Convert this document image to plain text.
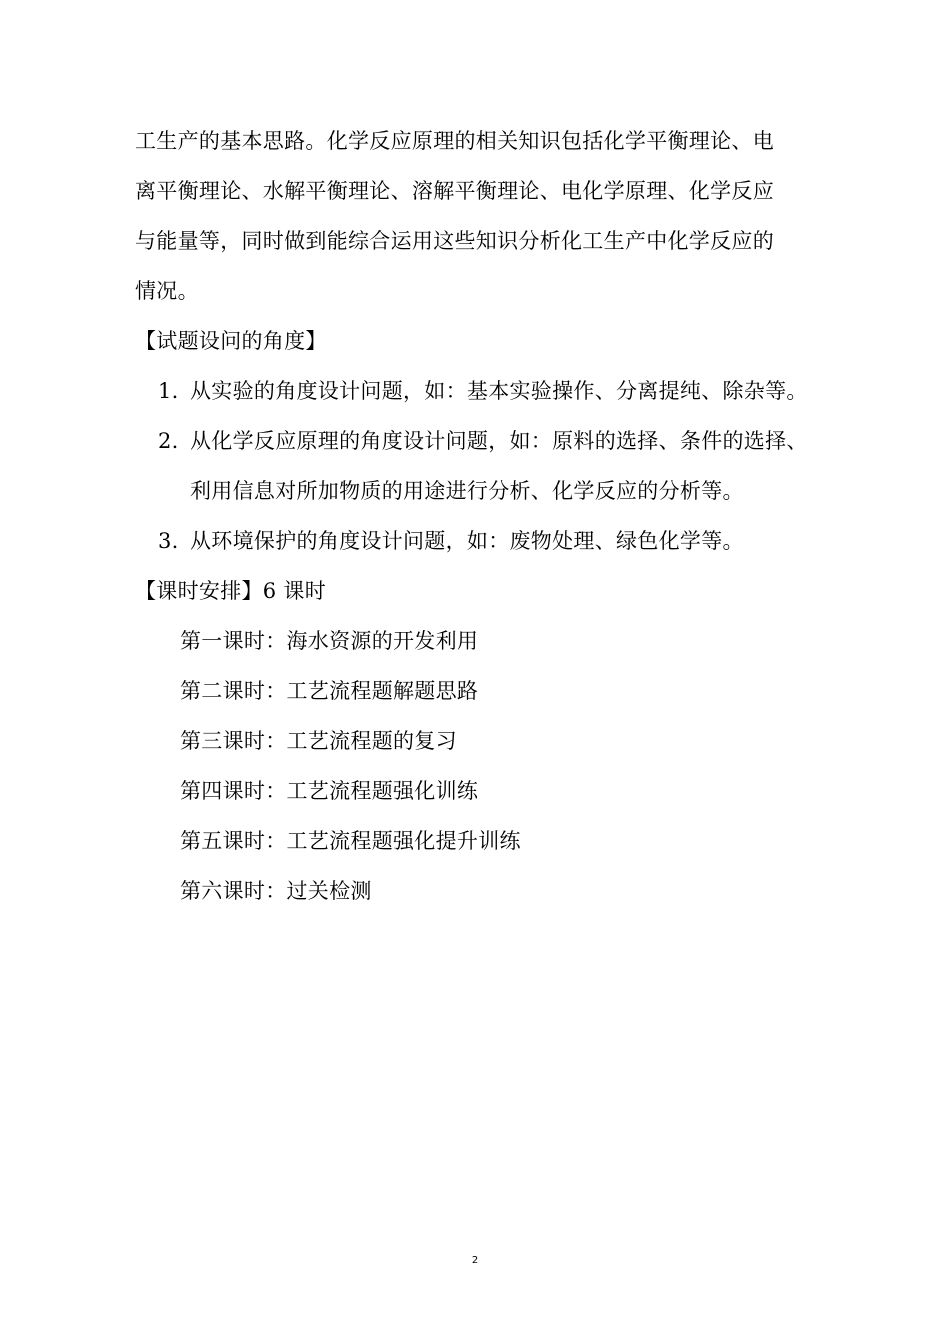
工生产的基本思路。化学反应原理的相关知识包括化学平衡理论、电
离平衡理论、水解平衡理论、溶解平衡理论、电化学原理、化学反应
与能量等，同时做到能综合运用这些知识分析化工生产中化学反应的
情况。
【试题设问的角度】
1. 从实验的角度设计问题，如：基本实验操作、分离提纯、除杂等。
2. 从化学反应原理的角度设计问题，如：原料的选择、条件的选择、
利用信息对所加物质的用途进行分析、化学反应的分析等。
3. 从环境保护的角度设计问题，如：废物处理、绿色化学等。
【课时安排】6 课时
第一课时：海水资源的开发利用
第二课时：工艺流程题解题思路
第三课时：工艺流程题的复习
第四课时：工艺流程题强化训练
第五课时：工艺流程题强化提升训练
第六课时：过关检测
2
